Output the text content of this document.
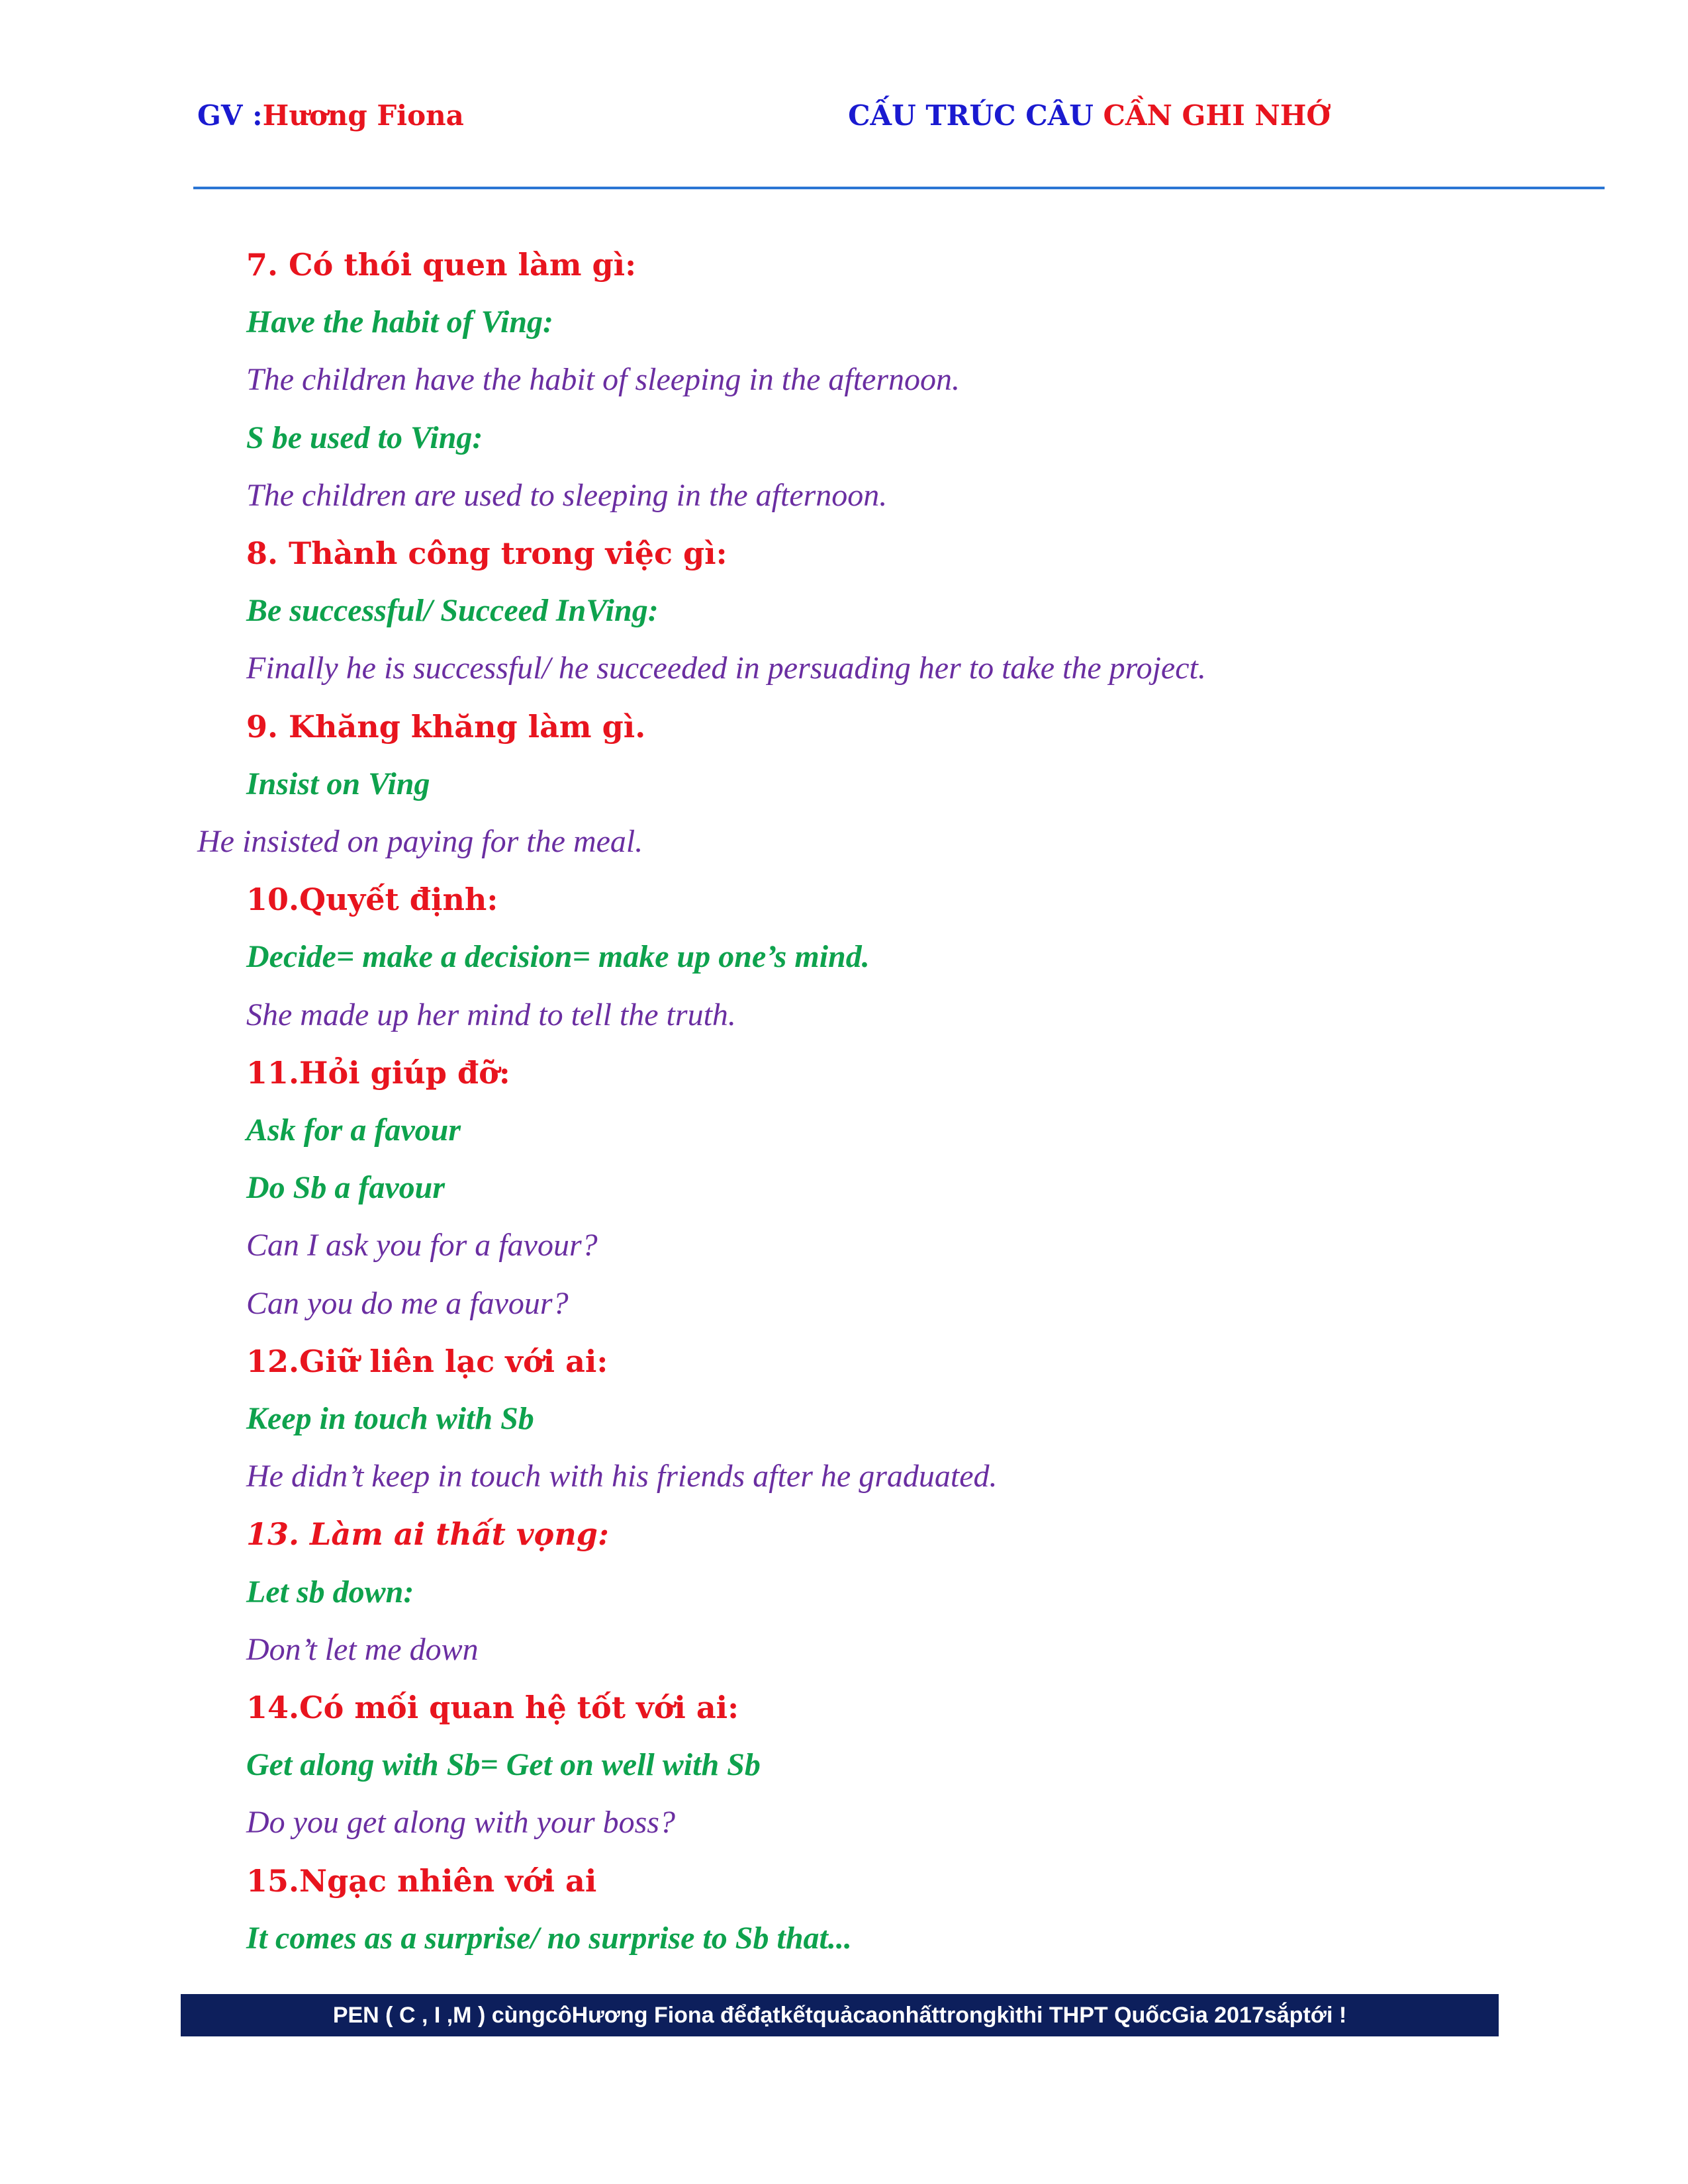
GV :Hương Fiona	CẤU TRÚC CÂU CẦN GHI NHỚ
7. Có thói quen làm gì:
Have the habit of Ving:
The children have the habit of sleeping in the afternoon.
S be used to Ving:
The children are used to sleeping in the afternoon.
8. Thành công trong việc gì:
Be successful/ Succeed InVing:
Finally he is successful/ he succeeded in persuading her to take the project.
9. Khăng khăng làm gì.
Insist on Ving
He insisted on paying for the meal.
10.Quyết định:
Decide= make a decision= make up one’s mind.
She made up her mind to tell the truth.
11.Hỏi giúp đỡ:
Ask for a favour
Do Sb a favour
Can I ask you for a favour?
Can you do me a favour?
12.Giữ liên lạc với ai:
Keep in touch with Sb
He didn’t keep in touch with his friends after he graduated.
13. Làm ai thất vọng:
Let sb down:
Don’t let me down
14.Có mối quan hệ tốt với ai:
Get along with Sb= Get on well with Sb
Do you get along with your boss?
15.Ngạc nhiên với ai
It comes as a surprise/ no surprise to Sb that...
PEN ( C , I ,M ) cùngcôHương Fiona đểđạtkếtquảcaonhấttrongkìthi THPT QuốcGia 2017sắptới !
